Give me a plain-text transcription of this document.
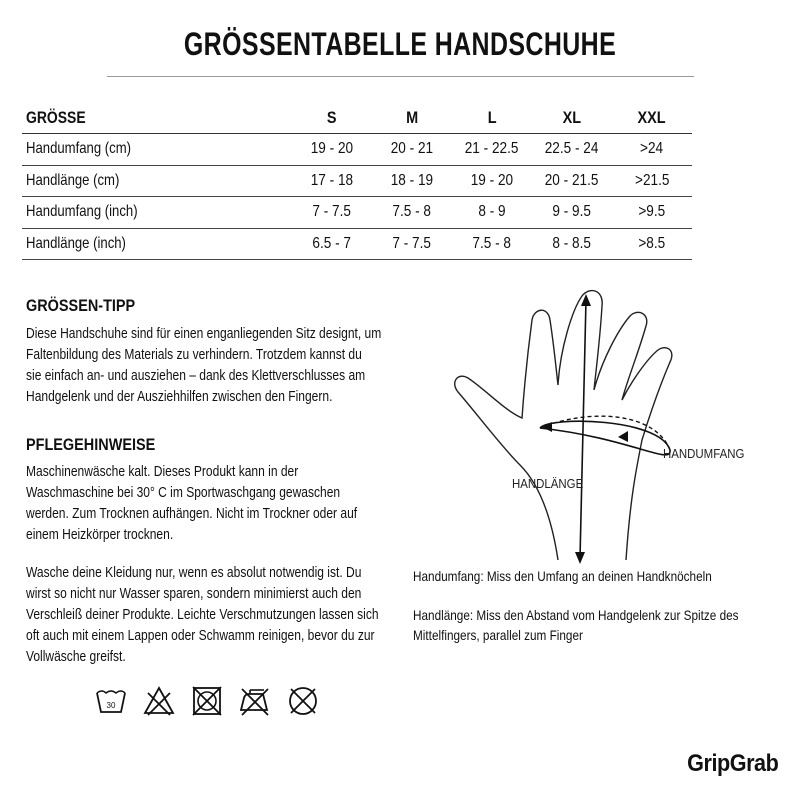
GRÖSSENTABELLE HANDSCHUHE
GRÖSSE	S	M	L	XL	XXL
Handumfang (cm)	19 - 20	20 - 21	21 - 22.5	22.5 - 24	>24
Handlänge (cm)	17 - 18	18 - 19	19 - 20	20 - 21.5	>21.5
Handumfang (inch)	7 - 7.5	7.5 - 8	8 - 9	9 - 9.5	>9.5
Handlänge (inch)	6.5 - 7	7 - 7.5	7.5 - 8	8 - 8.5	>8.5
GRÖSSEN-TIPP
Diese Handschuhe sind für einen enganliegenden Sitz designt, um
Faltenbildung des Materials zu verhindern. Trotzdem kannst du
sie einfach an- und ausziehen – dank des Klettverschlusses am
Handgelenk und der Ausziehhilfen zwischen den Fingern.
PFLEGEHINWEISE
Maschinenwäsche kalt. Dieses Produkt kann in der
Waschmaschine bei 30° C im Sportwaschgang gewaschen
werden. Zum Trocknen aufhängen. Nicht im Trockner oder auf
einem Heizkörper trocknen.
Wasche deine Kleidung nur, wenn es absolut notwendig ist. Du
wirst so nicht nur Wasser sparen, sondern minimierst auch den
Verschleiß deiner Produkte. Leichte Verschmutzungen lassen sich
oft auch mit einem Lappen oder Schwamm reinigen, bevor du zur
Vollwäsche greifst.
30
HANDUMFANG
HANDLÄNGE
Handumfang: Miss den Umfang an deinen Handknöcheln
Handlänge: Miss den Abstand vom Handgelenk zur Spitze des
Mittelfingers, parallel zum Finger
GripGrab
